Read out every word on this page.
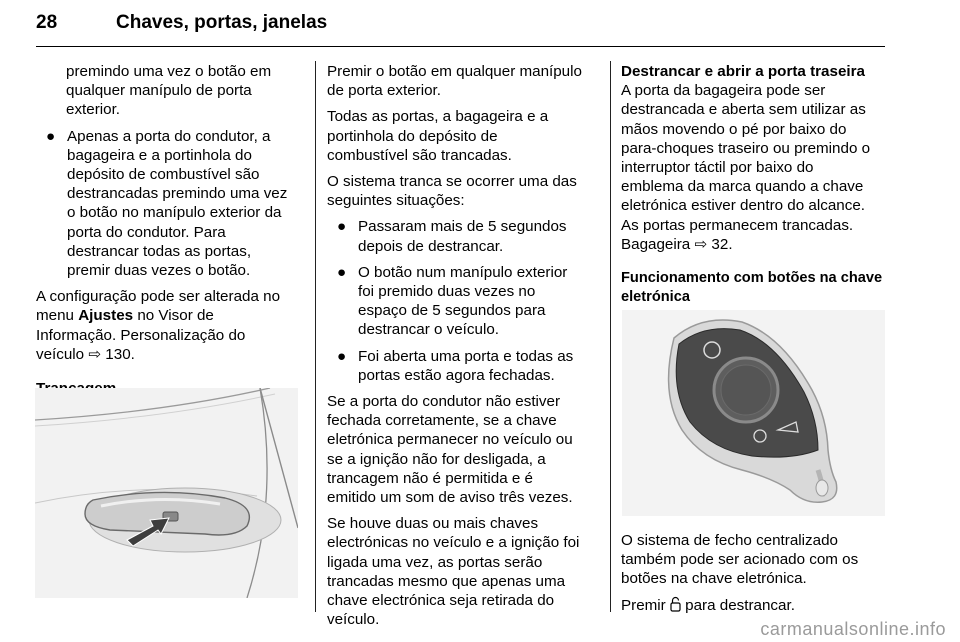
28	Chaves, portas, janelas

premindo uma vez o botão em
qualquer manípulo de porta
exterior.

● Apenas a porta do condutor, a
bagageira e a portinhola do
depósito de combustível são
destrancadas premindo uma vez
o botão no manípulo exterior da
porta do condutor. Para
destrancar todas as portas,
premir duas vezes o botão.

A configuração pode ser alterada no
menu Ajustes no Visor de
Informação. Personalização do
veículo ⇨ 130.

Premir o botão em qualquer manípulo
de porta exterior.

Todas as portas, a bagageira e a
portinhola do depósito de
combustível são trancadas.

O sistema tranca se ocorrer uma das
seguintes situações:

● Passaram mais de 5 segundos
depois de destrancar.
● O botão num manípulo exterior
foi premido duas vezes no
espaço de 5 segundos para
destrancar o veículo.
● Foi aberta uma porta e todas as
portas estão agora fechadas.

Se a porta do condutor não estiver
fechada corretamente, se a chave
eletrónica permanecer no veículo ou
se a ignição não for desligada, a
trancagem não é permitida e é
emitido um som de aviso três vezes.

Se houve duas ou mais chaves
electrónicas no veículo e a ignição foi
ligada uma vez, as portas serão
trancadas mesmo que apenas uma
chave electrónica seja retirada do
veículo.

Destrancar e abrir a porta traseira

A porta da bagageira pode ser
destrancada e aberta sem utilizar as
mãos movendo o pé por baixo do
para-choques traseiro ou premindo o
interruptor táctil por baixo do
emblema da marca quando a chave
eletrónica estiver dentro do alcance.
As portas permanecem trancadas.
Bagageira ⇨ 32.

Funcionamento com botões na chave
eletrónica

O sistema de fecho centralizado
também pode ser acionado com os
botões na chave eletrónica.

Premir  para destrancar.

carmanualsonline.info
